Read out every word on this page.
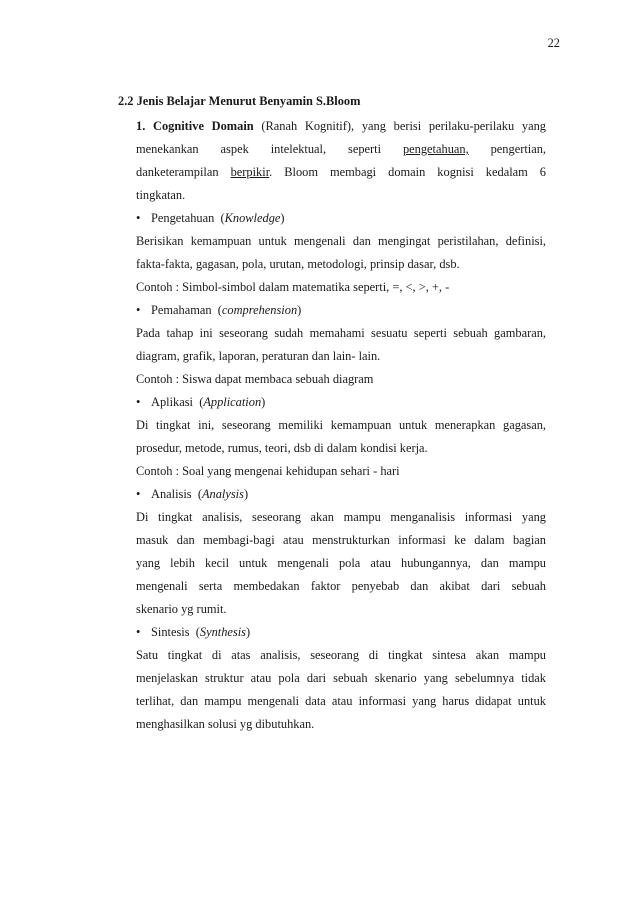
22
2.2 Jenis Belajar Menurut Benyamin S.Bloom

1. Cognitive Domain (Ranah Kognitif), yang berisi perilaku-perilaku yang

menekankan aspek intelektual, seperti pengetahuan, pengertian,

danketerampilan berpikir. Bloom membagi domain kognisi kedalam 6

tingkatan.

• Pengetahuan  (Knowledge)

Berisikan kemampuan untuk mengenali dan mengingat peristilahan, definisi,

fakta-fakta, gagasan, pola, urutan, metodologi, prinsip dasar, dsb.

Contoh : Simbol-simbol dalam matematika seperti, =, <, >, +, -

• Pemahaman  (comprehension)

Pada tahap ini seseorang sudah memahami sesuatu seperti sebuah gambaran,

diagram, grafik, laporan, peraturan dan lain- lain.

Contoh : Siswa dapat membaca sebuah diagram

• Aplikasi  (Application)

Di tingkat ini, seseorang memiliki kemampuan untuk menerapkan gagasan,

prosedur, metode, rumus, teori, dsb di dalam kondisi kerja.

Contoh : Soal yang mengenai kehidupan sehari - hari

• Analisis  (Analysis)

Di tingkat analisis, seseorang akan mampu menganalisis informasi yang

masuk dan membagi-bagi atau menstrukturkan informasi ke dalam bagian

yang lebih kecil untuk mengenali pola atau hubungannya, dan mampu

mengenali serta membedakan faktor penyebab dan akibat dari sebuah

skenario yg rumit.

• Sintesis  (Synthesis)

Satu tingkat di atas analisis, seseorang di tingkat sintesa akan mampu

menjelaskan struktur atau pola dari sebuah skenario yang sebelumnya tidak

terlihat, dan mampu mengenali data atau informasi yang harus didapat untuk

menghasilkan solusi yg dibutuhkan.
